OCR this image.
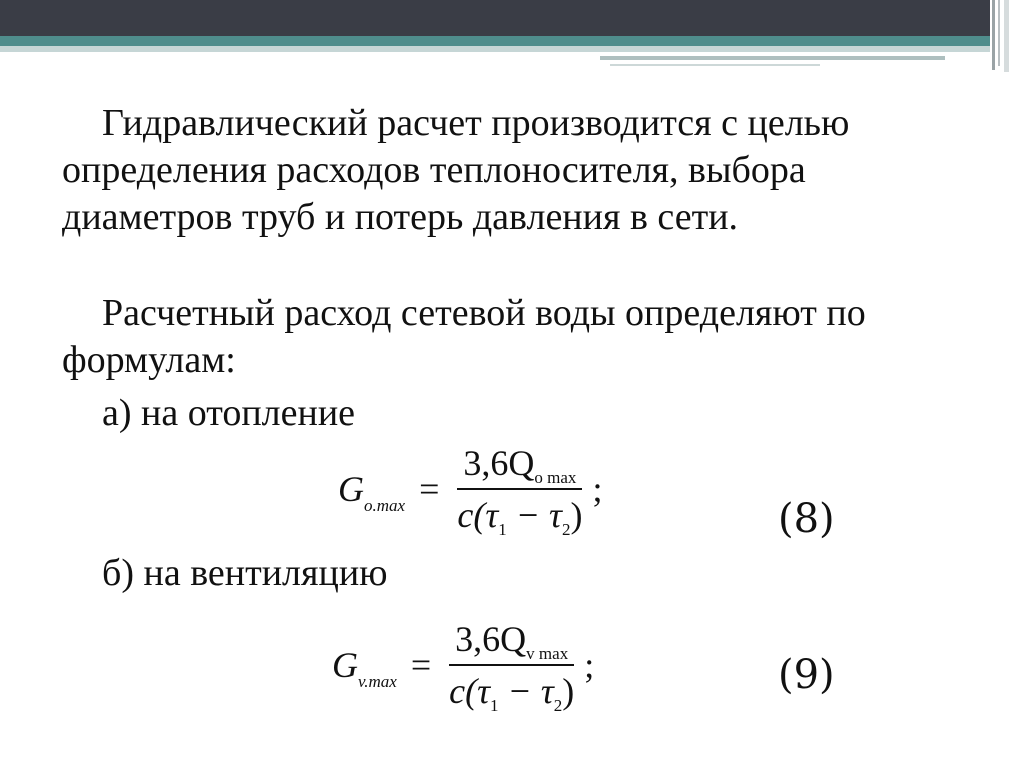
Гидравлический расчет производится с целью определения расходов теплоносителя, выбора диаметров труб и потерь давления в сети.

Расчетный расход сетевой воды определяют по формулам:

а) на отопление

б) на вентиляцию

$G_{o.max} = \frac{3,6Q_{o max}}{c(\tau_1 - \tau_2)}$ ;
(8)
$G_{v.max} = \frac{3,6Q_{v max}}{c(\tau_1 - \tau_2)}$ ;	(9)
